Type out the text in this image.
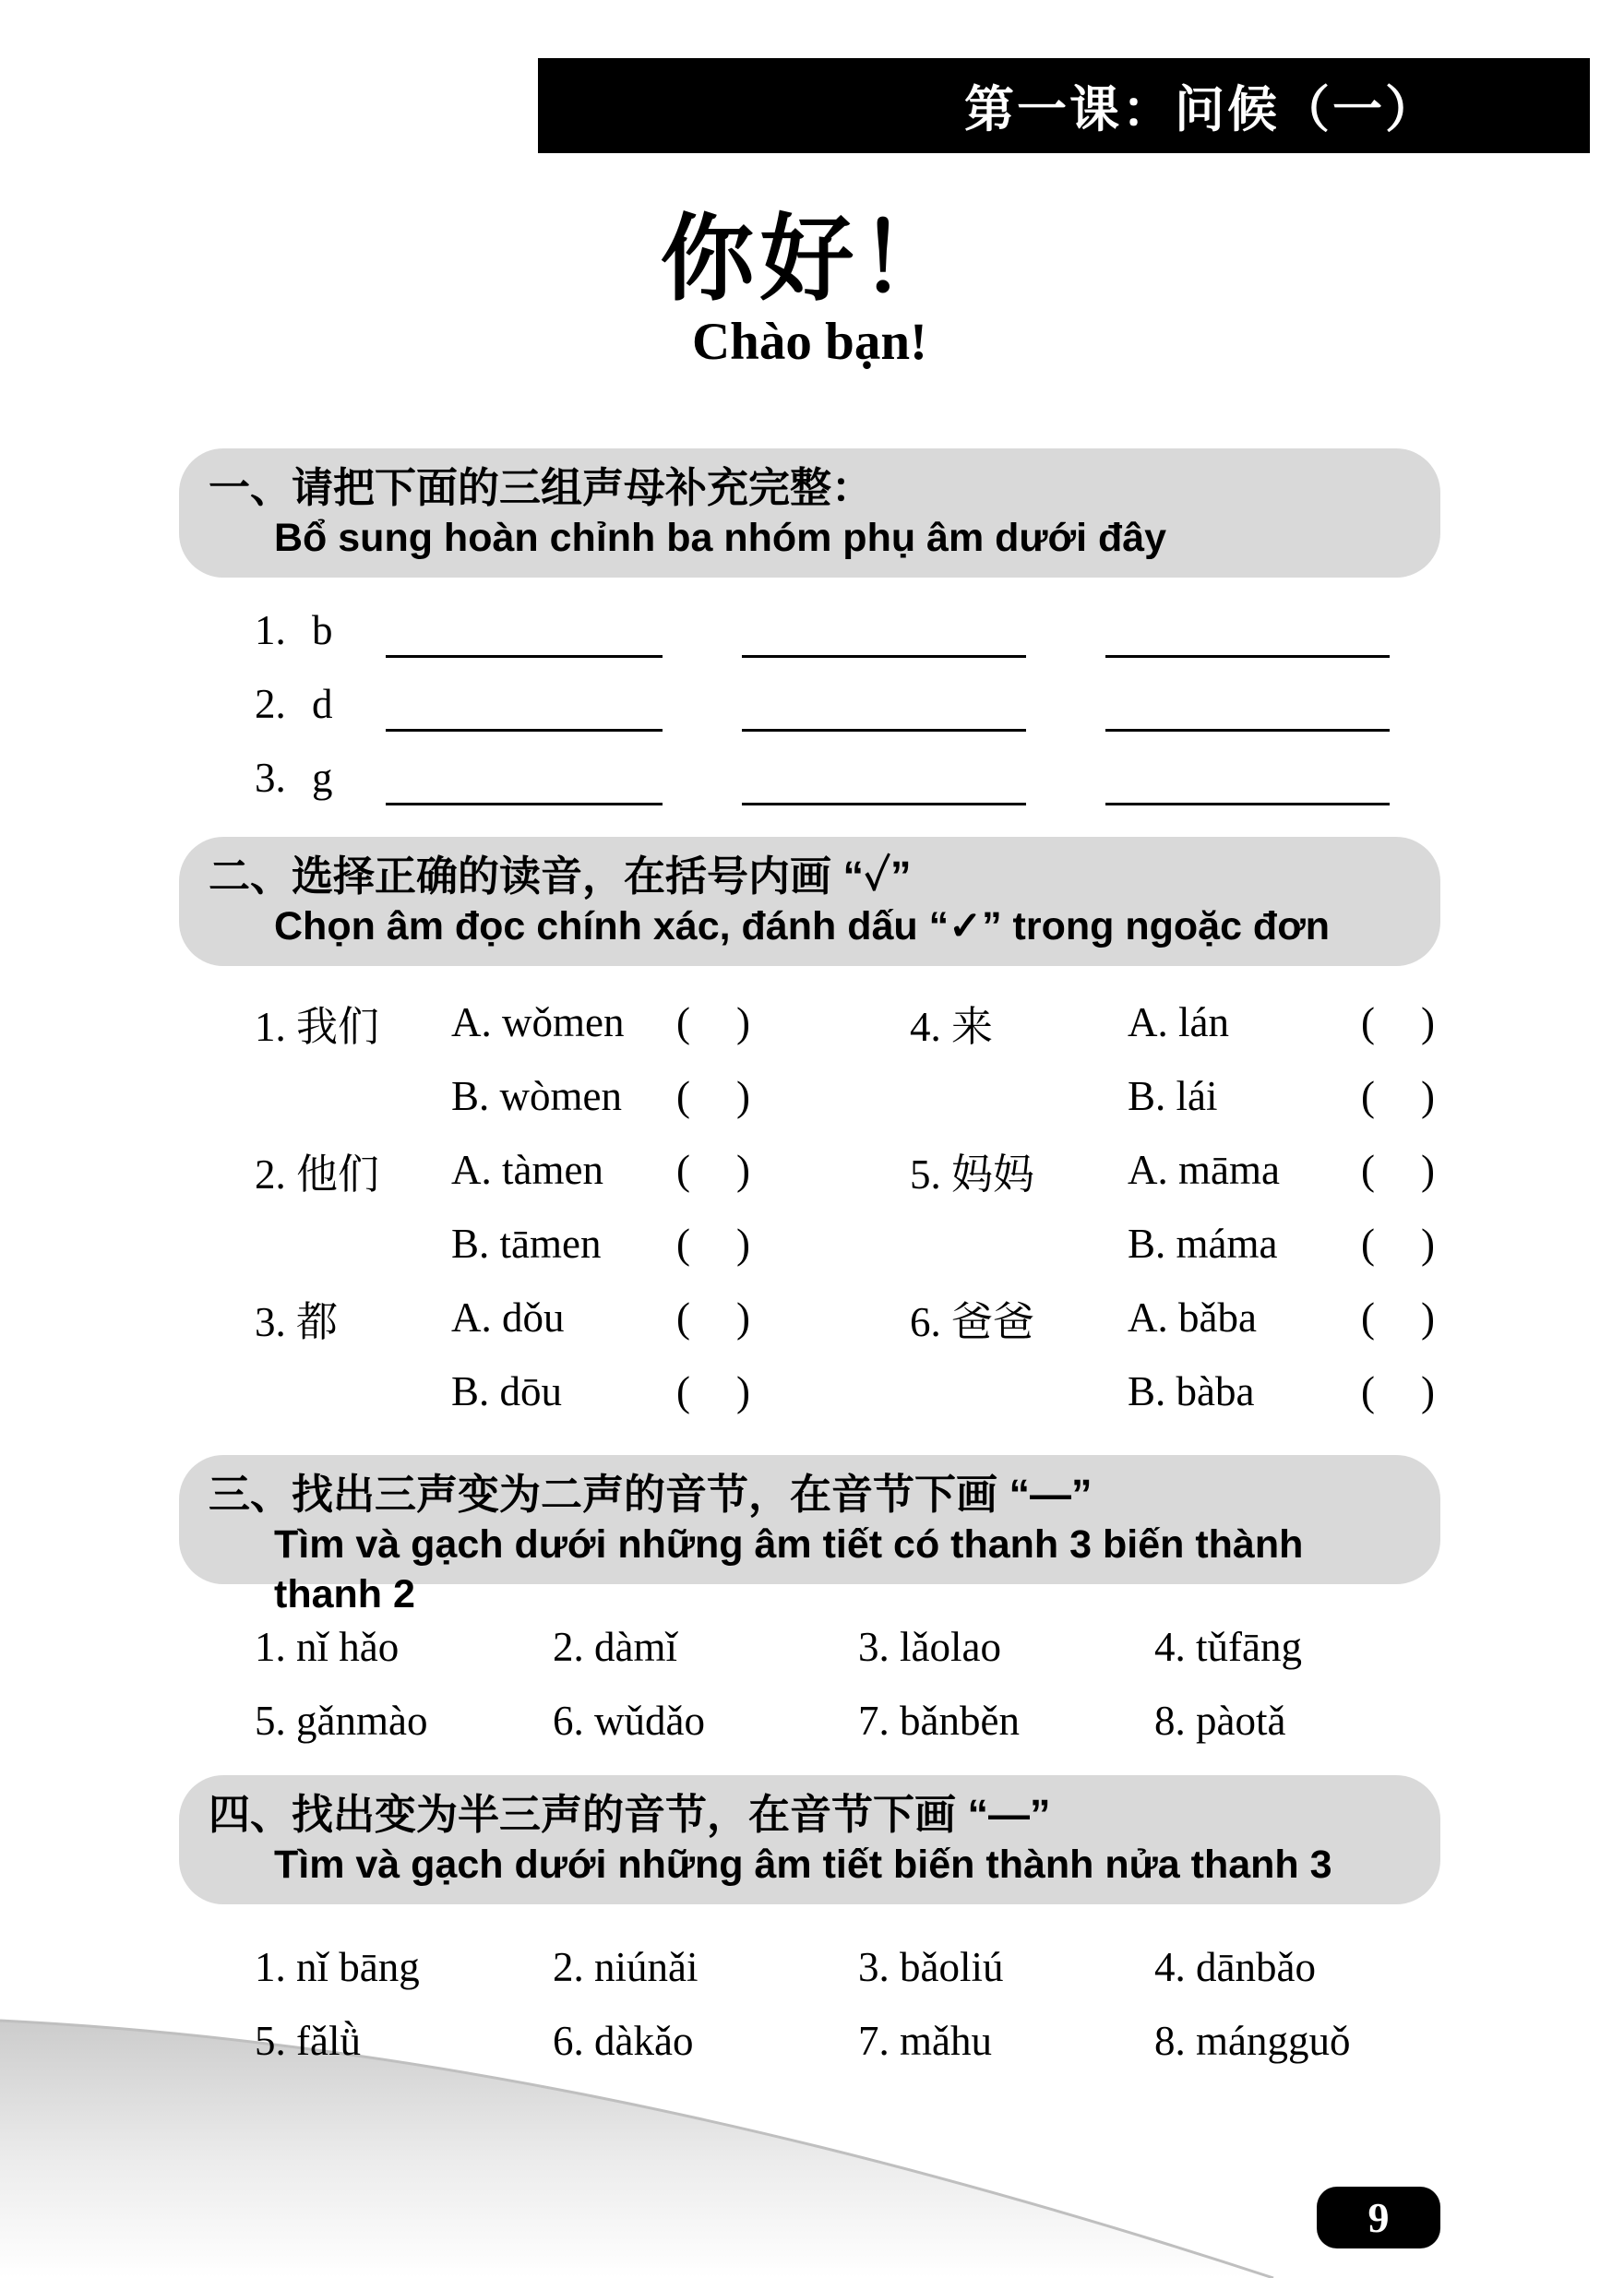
第一课：问候（一）
你好！
Chào bạn!
一、请把下面的三组声母补充完整：
Bổ sung hoàn chỉnh ba nhóm phụ âm dưới đây
1. b
2. d
3. g
二、选择正确的读音，在括号内画 “✓”
Chọn âm đọc chính xác, đánh dấu “✓” trong ngoặc đơn
1. 我们	A. wǒmen	( )
B. wòmen	( )
2. 他们	A. tàmen	( )
B. tāmen	( )
3. 都	A. dǒu	( )
B. dōu	( )
4. 来	A. lán	( )
B. lái	( )
5. 妈妈	A. māma	( )
B. máma	( )
6. 爸爸	A. bǎba	( )
B. bàba	( )
三、找出三声变为二声的音节，在音节下画 “—”
Tìm và gạch dưới những âm tiết có thanh 3 biến thành thanh 2
1. nǐ hǎo	2. dàmǐ	3. lǎolao	4. tǔfāng
5. gǎnmào	6. wǔdǎo	7. bǎnběn	8. pàotǎ
四、找出变为半三声的音节，在音节下画 “—”
Tìm và gạch dưới những âm tiết biến thành nửa thanh 3
1. nǐ bāng	2. niúnǎi	3. bǎoliú	4. dānbǎo
5. fǎlǜ	6. dàkǎo	7. mǎhu	8. mángguǒ
9
